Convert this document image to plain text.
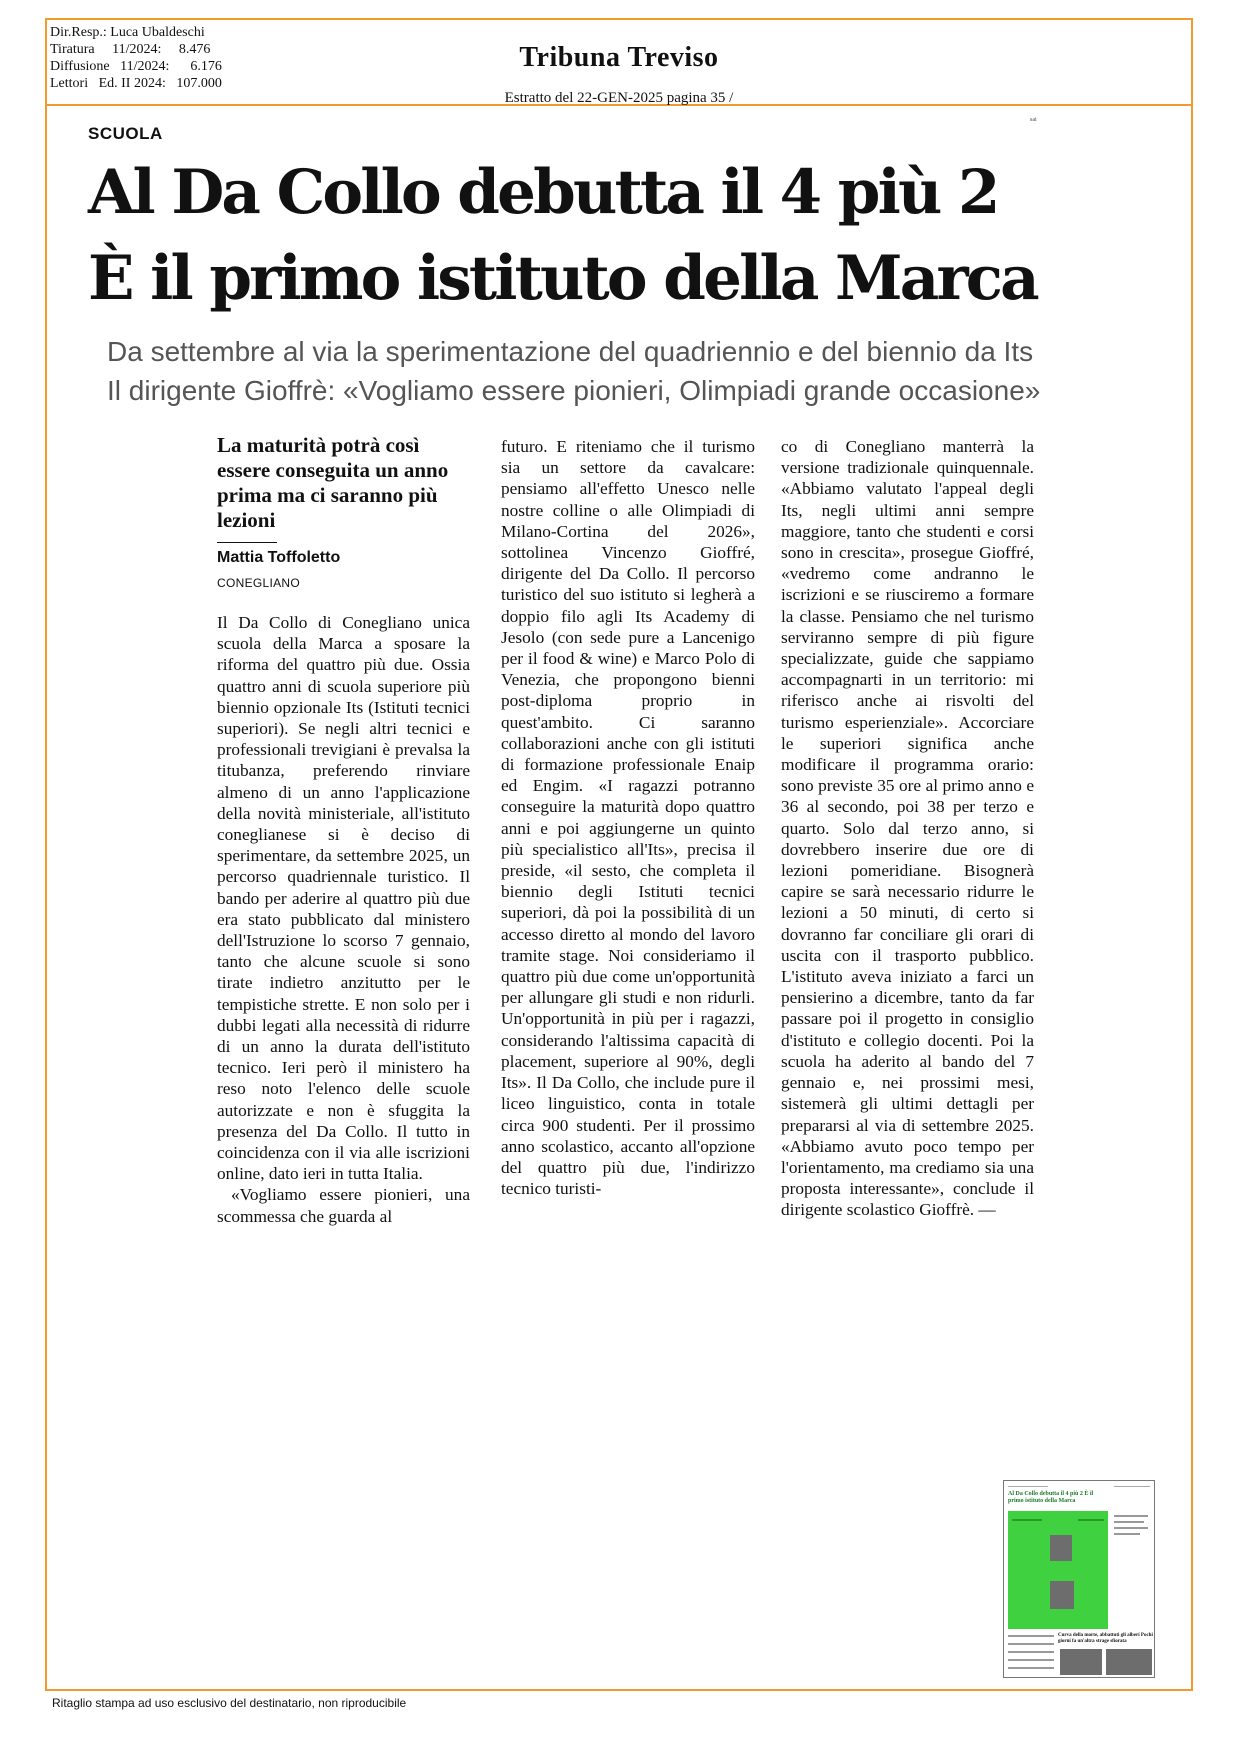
Tribuna Treviso
Estratto del 22-GEN-2025 pagina 35 /
Dir.Resp.: Luca Ubaldeschi
Tiratura     11/2024:     8.476
Diffusione   11/2024:      6.176
Lettori   Ed. II 2024:   107.000
sai
SCUOLA
Al Da Collo debutta il 4 più 2
È il primo istituto della Marca
Da settembre al via la sperimentazione del quadriennio e del biennio da Its
Il dirigente Gioffrè: «Vogliamo essere pionieri, Olimpiadi grande occasione»
La maturità potrà così essere conseguita un anno prima ma ci saranno più lezioni
Mattia Toffoletto
CONEGLIANO

Il Da Collo di Conegliano unica scuola della Marca a sposare la riforma del quattro più due. Ossia quattro anni di scuola superiore più biennio opzionale Its (Istituti tecnici superiori). Se negli altri tecnici e professionali trevigiani è prevalsa la titubanza, preferendo rinviare almeno di un anno l'applicazione della novità ministeriale, all'istituto coneglianese si è deciso di sperimentare, da settembre 2025, un percorso quadriennale turistico. Il bando per aderire al quattro più due era stato pubblicato dal ministero dell'Istruzione lo scorso 7 gennaio, tanto che alcune scuole si sono tirate indietro anzitutto per le tempistiche strette. E non solo per i dubbi legati alla necessità di ridurre di un anno la durata dell'istituto tecnico. Ieri però il ministero ha reso noto l'elenco delle scuole autorizzate e non è sfuggita la presenza del Da Collo. Il tutto in coincidenza con il via alle iscrizioni online, dato ieri in tutta Italia.

«Vogliamo essere pionieri, una scommessa che guarda al

futuro. E riteniamo che il turismo sia un settore da cavalcare: pensiamo all'effetto Unesco nelle nostre colline o alle Olimpiadi di Milano-Cortina del 2026», sottolinea Vincenzo Gioffré, dirigente del Da Collo. Il percorso turistico del suo istituto si legherà a doppio filo agli Its Academy di Jesolo (con sede pure a Lancenigo per il food & wine) e Marco Polo di Venezia, che propongono bienni post-diploma proprio in quest'ambito. Ci saranno collaborazioni anche con gli istituti di formazione professionale Enaip ed Engim. «I ragazzi potranno conseguire la maturità dopo quattro anni e poi aggiungerne un quinto più specialistico all'Its», precisa il preside, «il sesto, che completa il biennio degli Istituti tecnici superiori, dà poi la possibilità di un accesso diretto al mondo del lavoro tramite stage. Noi consideriamo il quattro più due come un'opportunità per allungare gli studi e non ridurli. Un'opportunità in più per i ragazzi, considerando l'altissima capacità di placement, superiore al 90%, degli Its». Il Da Collo, che include pure il liceo linguistico, conta in totale circa 900 studenti. Per il prossimo anno scolastico, accanto all'opzione del quattro più due, l'indirizzo tecnico turisti-

co di Conegliano manterrà la versione tradizionale quinquennale. «Abbiamo valutato l'appeal degli Its, negli ultimi anni sempre maggiore, tanto che studenti e corsi sono in crescita», prosegue Gioffré, «vedremo come andranno le iscrizioni e se riusciremo a formare la classe. Pensiamo che nel turismo serviranno sempre di più figure specializzate, guide che sappiamo accompagnarti in un territorio: mi riferisco anche ai risvolti del turismo esperienziale». Accorciare le superiori significa anche modificare il programma orario: sono previste 35 ore al primo anno e 36 al secondo, poi 38 per terzo e quarto. Solo dal terzo anno, si dovrebbero inserire due ore di lezioni pomeridiane. Bisognerà capire se sarà necessario ridurre le lezioni a 50 minuti, di certo si dovranno far conciliare gli orari di uscita con il trasporto pubblico. L'istituto aveva iniziato a farci un pensierino a dicembre, tanto da far passare poi il progetto in consiglio d'istituto e collegio docenti. Poi la scuola ha aderito al bando del 7 gennaio e, nei prossimi mesi, sistemerà gli ultimi dettagli per prepararsi al via di settembre 2025. «Abbiamo avuto poco tempo per l'orientamento, ma crediamo sia una proposta interessante», conclude il dirigente scolastico Gioffrè. —

Al Da Collo debutta il 4 più 2 È il primo istituto della Marca
Curva della morte, abbattuti gli alberi Pochi giorni fa un'altra strage sfiorata
Ritaglio stampa ad uso esclusivo del destinatario, non riproducibile
